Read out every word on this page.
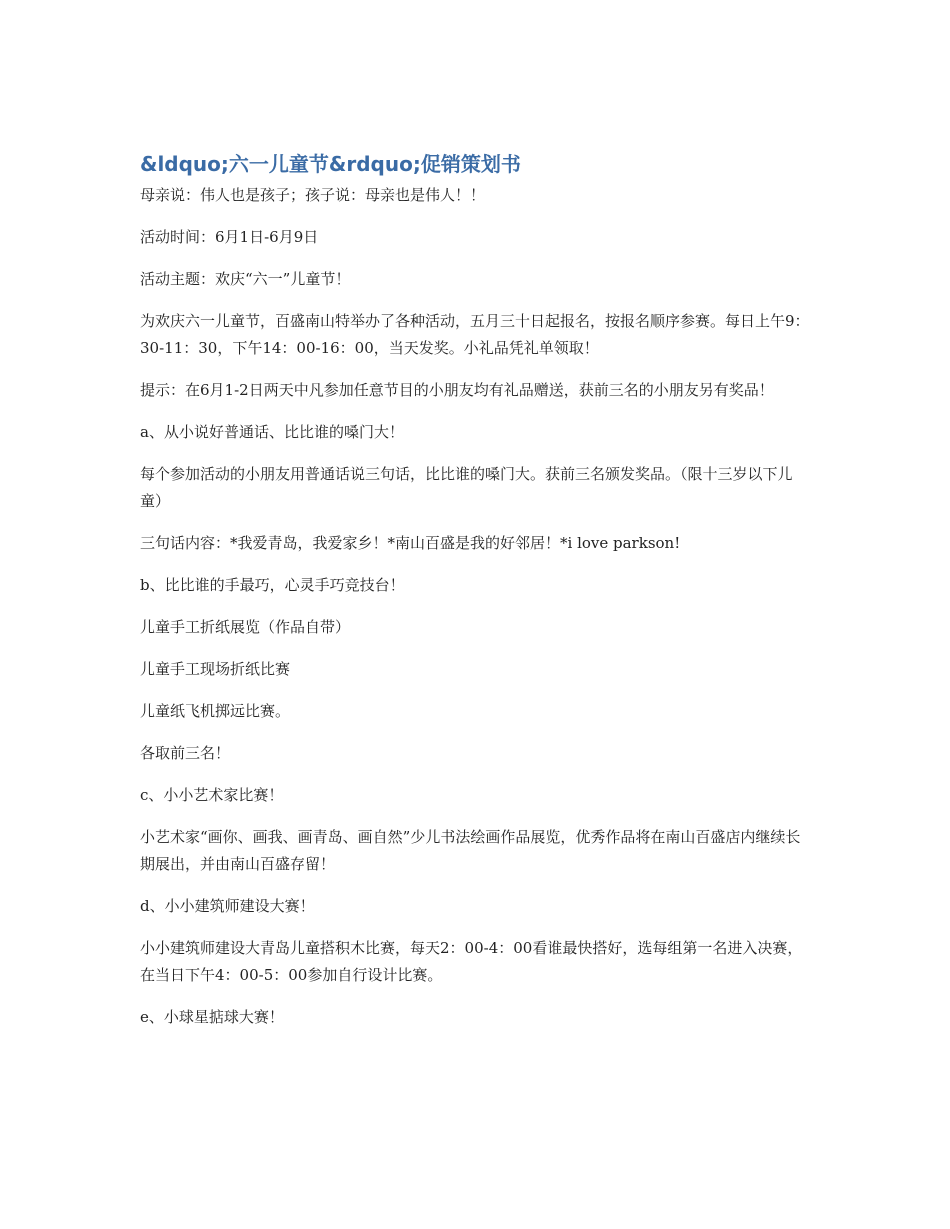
&ldquo;六一儿童节&rdquo;促销策划书

母亲说：伟人也是孩子；孩子说：母亲也是伟人！！

活动时间：6月1日-6月9日

活动主题：欢庆“六一”儿童节！

为欢庆六一儿童节，百盛南山特举办了各种活动，五月三十日起报名，按报名顺序参赛。每日上午9：30-11：30，下午14：00-16：00，当天发奖。小礼品凭礼单领取！

提示：在6月1-2日两天中凡参加任意节目的小朋友均有礼品赠送，获前三名的小朋友另有奖品！

a、从小说好普通话、比比谁的嗓门大！

每个参加活动的小朋友用普通话说三句话，比比谁的嗓门大。获前三名颁发奖品。（限十三岁以下儿童）

三句话内容：*我爱青岛，我爱家乡！*南山百盛是我的好邻居！*i love parkson!

b、比比谁的手最巧，心灵手巧竞技台！

儿童手工折纸展览（作品自带）

儿童手工现场折纸比赛

儿童纸飞机掷远比赛。

各取前三名！

c、小小艺术家比赛！

小艺术家“画你、画我、画青岛、画自然”少儿书法绘画作品展览，优秀作品将在南山百盛店内继续长期展出，并由南山百盛存留！

d、小小建筑师建设大赛！

小小建筑师建设大青岛儿童搭积木比赛，每天2：00-4：00看谁最快搭好，选每组第一名进入决赛，在当日下午4：00-5：00参加自行设计比赛。

e、小球星掂球大赛！
